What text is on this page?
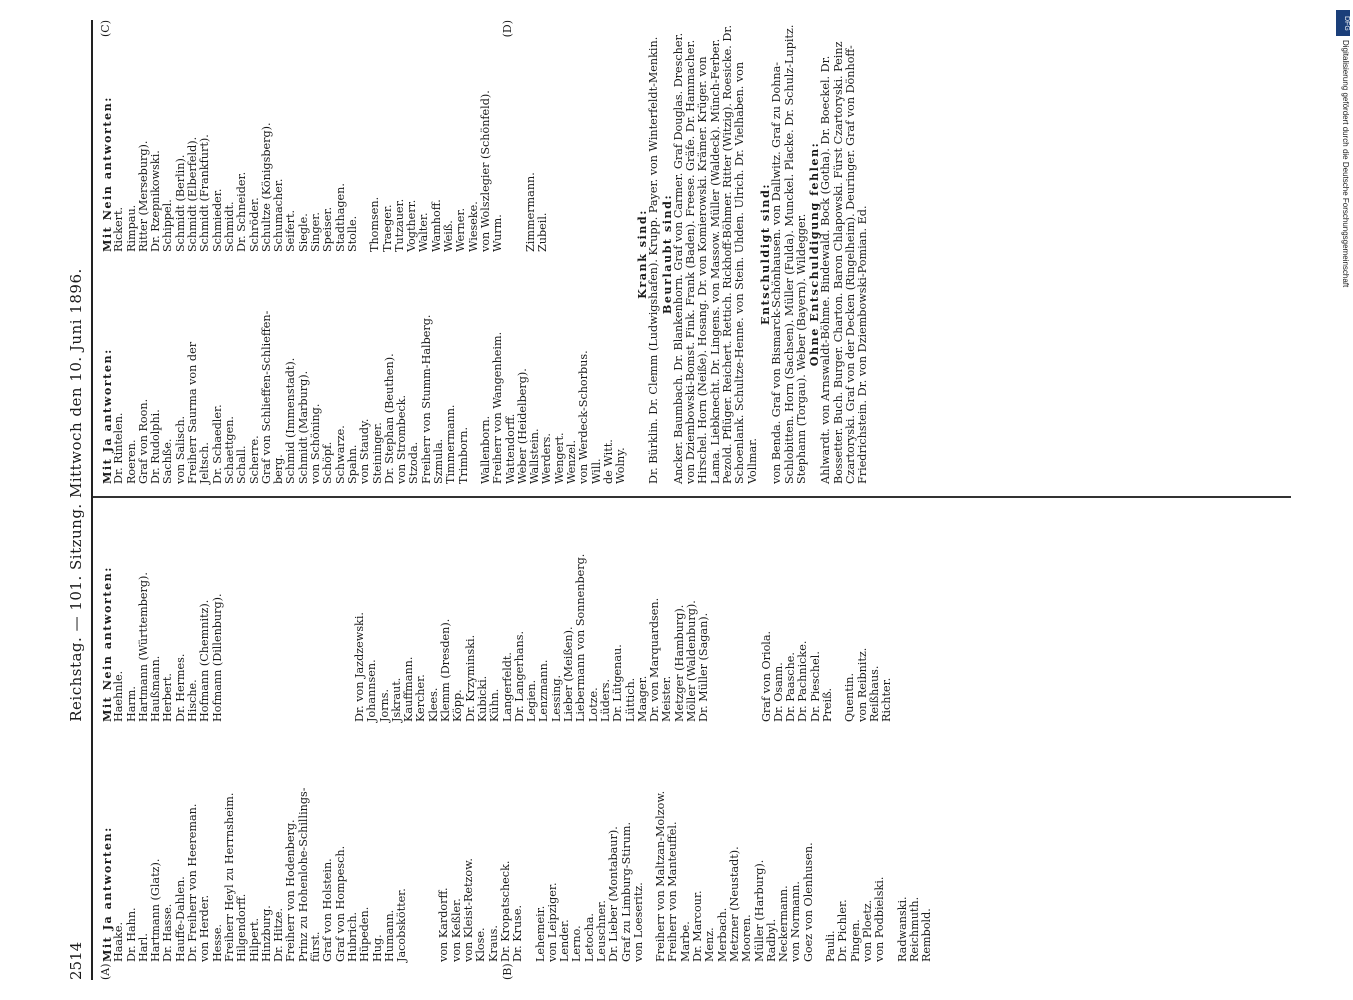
2514
Reichstag. — 101. Sitzung. Mittwoch den 10. Juni 1896.
(A)	(B)
(C)	(D)
Mit Ja antworten:
Haake. Dr. Hahn. Harl. Hartmann (Glatz). Dr. Hasse. Hauffe-Dahlen. Dr. Freiherr von Heereman. von Herder. Hesse. Freiherr Heyl zu Herrnsheim. Hilgendorff. Hilpert. Hinzburg. Dr. Hitze. Freiherr von Hodenberg. Prinz zu Hohenlohe-Schillings- fürst. Graf von Holstein. Graf von Hompesch. Hubrich. Hüpeden. Hug. Humann. Jacobskötter.	von Kardorff. von Keßler. von Kleist-Retzow. Klose. Kraus. Dr. Kropatscheck. Dr. Kruse. Lehemeir. von Leipziger. Lender. Lerno. Letocha. Leuschner. Dr. Lieber (Montabaur). Graf zu Limburg-Stirum. von Loeseritz. Freiherr von Maltzan-Molzow. Freiherr von Manteuffel. Marbe. Dr. Marcour. Menz. Merbach. Metzner (Neustadt). Mooren. Müller (Harburg). Radbyl. Neckermann. von Normann. Goez von Olenhusen. Pauli. Dr. Pichler. Pingen. von Ploetz. von Podbielski. Radwanski. Reichmuth. Rembold.
Mit Nein antworten:
Haehnle. Harm. Hartmann (Württemberg). Haußmann. Herbert. Dr. Hermes. Hische. Hofmann (Chemnitz). Hofmann (Dillenburg).	Dr. von Jazdzewski. Johannsen. Jorns. Jskraut. Kauffmann. Kercher. Klees. Klemm (Dresden). Köpp. Dr. Krzyminski. Kubicki. Kühn. Langerfeldt. Dr. Langerhans. Legien. Lenzmann. Lessing. Lieber (Meißen). Liebermann von Sonnenberg. Lotze. Lüders. Dr. Lütgenau. Lüttich. Maager. Dr. von Marquardsen. Meister. Metzger (Hamburg). Möller (Waldenburg). Dr. Müller (Sagan).	Graf von Oriola. Dr. Osann. Dr. Paasche. Dr. Pachnicke. Dr. Pieschel. Preiß. Quentin. von Reibnitz. Reißhaus. Richter.
Mit Ja antworten:
Dr. Rintelen. Roeren. Graf von Roon. Dr. Rudolphi. Sachße. von Salisch. Freiherr Saurma von der Jeltsch. Dr. Schaedler. Schaettgen. Schall. Scherre. Graf von Schlieffen-Schlieffen- berg. Schmid (Immenstadt). Schmidt (Marburg). von Schöning. Schöpf. Schwarze. Spahn. von Staudy. Steininger. Dr. Stephan (Beuthen). von Strombeck. Stzoda. Freiherr von Stumm-Halberg. Szmula. Timmermann. Trimborn. Wallenborn. Freiherr von Wangenheim. Wattendorff. Weber (Heidelberg). Wallstein. Werders. Wengert. Wenzel. von Werdeck-Schorbus. Will. de Witt. Wolny.
Mit Nein antworten:
Rickert. Rimpau. Ritter (Merseburg). Dr. Rzepnikowski. Schippel. Schmidt (Berlin). Schmidt (Elberfeld). Schmidt (Frankfurt). Schmieder. Schmidt. Dr. Schneider. Schröder. Schultze (Königsberg). Schumacher. Seifert. Siegle. Singer. Speiser. Stadthagen. Stolle. Thomsen. Traeger. Tutzauer. Vogtherr. Walter. Wamhoff. Weiß. Werner. Wieseke. von Wolszlegier (Schönfeld). Wurm. Zimmermann. Zubeil.	Krank sind:
Dr. Bürklin. Dr. Clemm (Ludwigshafen). Krupp. Payer. von Winterfeldt-Menkin. Beurlaubt sind:
Ancker. Baumbach. Dr. Blankenhorn. Graf von Carmer. Graf Douglas. Drescher. von Dziembowski-Bomst. Fink. Frank (Baden). Freese. Gräfe. Dr. Hammacher. Hirschel. Horn (Neiße). Hosang. Dr. von Komierowski. Krämer. Krüger. von Lama. Liebknecht. Dr. Lingens. von Massow. Müller (Waldeck). Münch-Ferber. Pezold. Pflüger. Reichert. Rettich. Rickhoff-Böhmer. Ritter (Witzig). Roesicke. Dr. Schoenlank. Schultze-Henne. von Stein. Uhden. Ulrich. Dr. Vielhaben. von Vollmar.
Entschuldigt sind:
von Benda. Graf von Bismarck-Schönhausen. von Dallwitz. Graf zu Dohna-Schlobitten. Horn (Sachsen). Müller (Fulda). Munckel. Placke. Dr. Schulz-Lupitz. Stephann (Torgau). Weber (Bayern). Wildegger. Ohne Entschuldigung fehlen:
Ahlwardt. von Arnswaldt-Böhme. Bindewald. Bock (Gotha). Dr. Boeckel. Dr. Bossetter. Buch. Burger. Charton. Baron Chlapowski. Fürst Czartoryski. Peinz Czartoryski. Graf von der Decken (Ringelheim). Deuringer. Graf von Dönhoff-Friedrichstein. Dr. von Dziembowski-Pomian. Ed.
DFG
Digitalisierung gefördert durch die Deutsche Forschungsgemeinschaft
